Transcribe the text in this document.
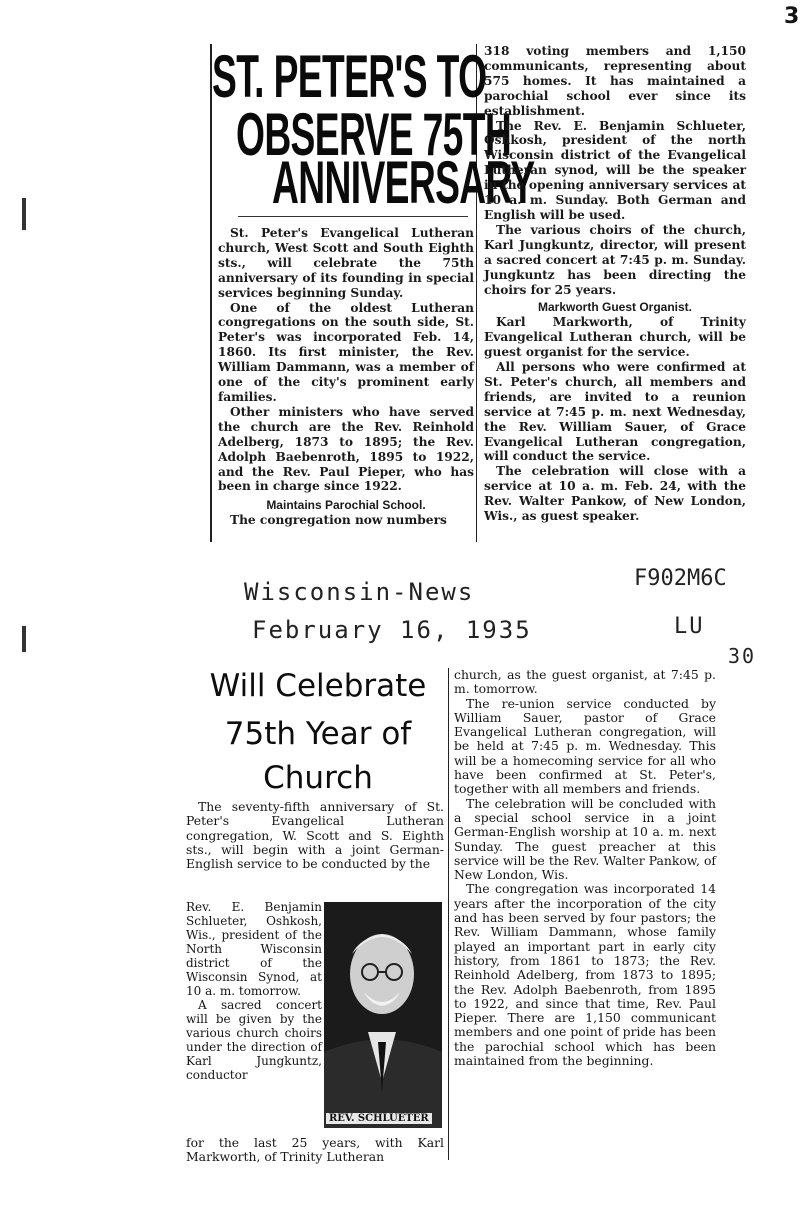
3
ST. PETER'S TO
OBSERVE 75TH
ANNIVERSARY

St. Peter's Evangelical Lutheran church, West Scott and South Eighth sts., will celebrate the 75th anniversary of its founding in special services beginning Sunday.

One of the oldest Lutheran congregations on the south side, St. Peter's was incorporated Feb. 14, 1860. Its first minister, the Rev. William Dammann, was a member of one of the city's prominent early families.

Other ministers who have served the church are the Rev. Reinhold Adelberg, 1873 to 1895; the Rev. Adolph Baebenroth, 1895 to 1922, and the Rev. Paul Pieper, who has been in charge since 1922.

Maintains Parochial School.

The congregation now numbers

318 voting members and 1,150 communicants, representing about 575 homes. It has maintained a parochial school ever since its establishment.

The Rev. E. Benjamin Schlueter, Oshkosh, president of the north Wisconsin district of the Evangelical Lutheran synod, will be the speaker in the opening anniversary services at 10 a. m. Sunday. Both German and English will be used.

The various choirs of the church, Karl Jungkuntz, director, will present a sacred concert at 7:45 p. m. Sunday. Jungkuntz has been directing the choirs for 25 years.

Markworth Guest Organist.

Karl Markworth, of Trinity Evangelical Lutheran church, will be guest organist for the service.

All persons who were confirmed at St. Peter's church, all members and friends, are invited to a reunion service at 7:45 p. m. next Wednesday, the Rev. William Sauer, of Grace Evangelical Lutheran congregation, will conduct the service.

The celebration will close with a service at 10 a. m. Feb. 24, with the Rev. Walter Pankow, of New London, Wis., as guest speaker.

Wisconsin-News
February 16, 1935
F902M6C
LU
30
Will Celebrate
75th Year of
Church

The seventy-fifth anniversary of St. Peter's Evangelical Lutheran congregation, W. Scott and S. Eighth sts., will begin with a joint German-English service to be conducted by the

Rev. E. Benjamin Schlueter, Oshkosh, Wis., president of the North Wisconsin district of the Wisconsin Synod, at 10 a. m. tomorrow.

A sacred concert will be given by the various church choirs under the direction of Karl Jungkuntz, conductor

REV. SCHLUETER

for the last 25 years, with Karl Markworth, of Trinity Lutheran

church, as the guest organist, at 7:45 p. m. tomorrow.

The re-union service conducted by William Sauer, pastor of Grace Evangelical Lutheran congregation, will be held at 7:45 p. m. Wednesday. This will be a homecoming service for all who have been confirmed at St. Peter's, together with all members and friends.

The celebration will be concluded with a special school service in a joint German-English worship at 10 a. m. next Sunday. The guest preacher at this service will be the Rev. Walter Pankow, of New London, Wis.

The congregation was incorporated 14 years after the incorporation of the city and has been served by four pastors; the Rev. William Dammann, whose family played an important part in early city history, from 1861 to 1873; the Rev. Reinhold Adelberg, from 1873 to 1895; the Rev. Adolph Baebenroth, from 1895 to 1922, and since that time, Rev. Paul Pieper. There are 1,150 communicant members and one point of pride has been the parochial school which has been maintained from the beginning.
